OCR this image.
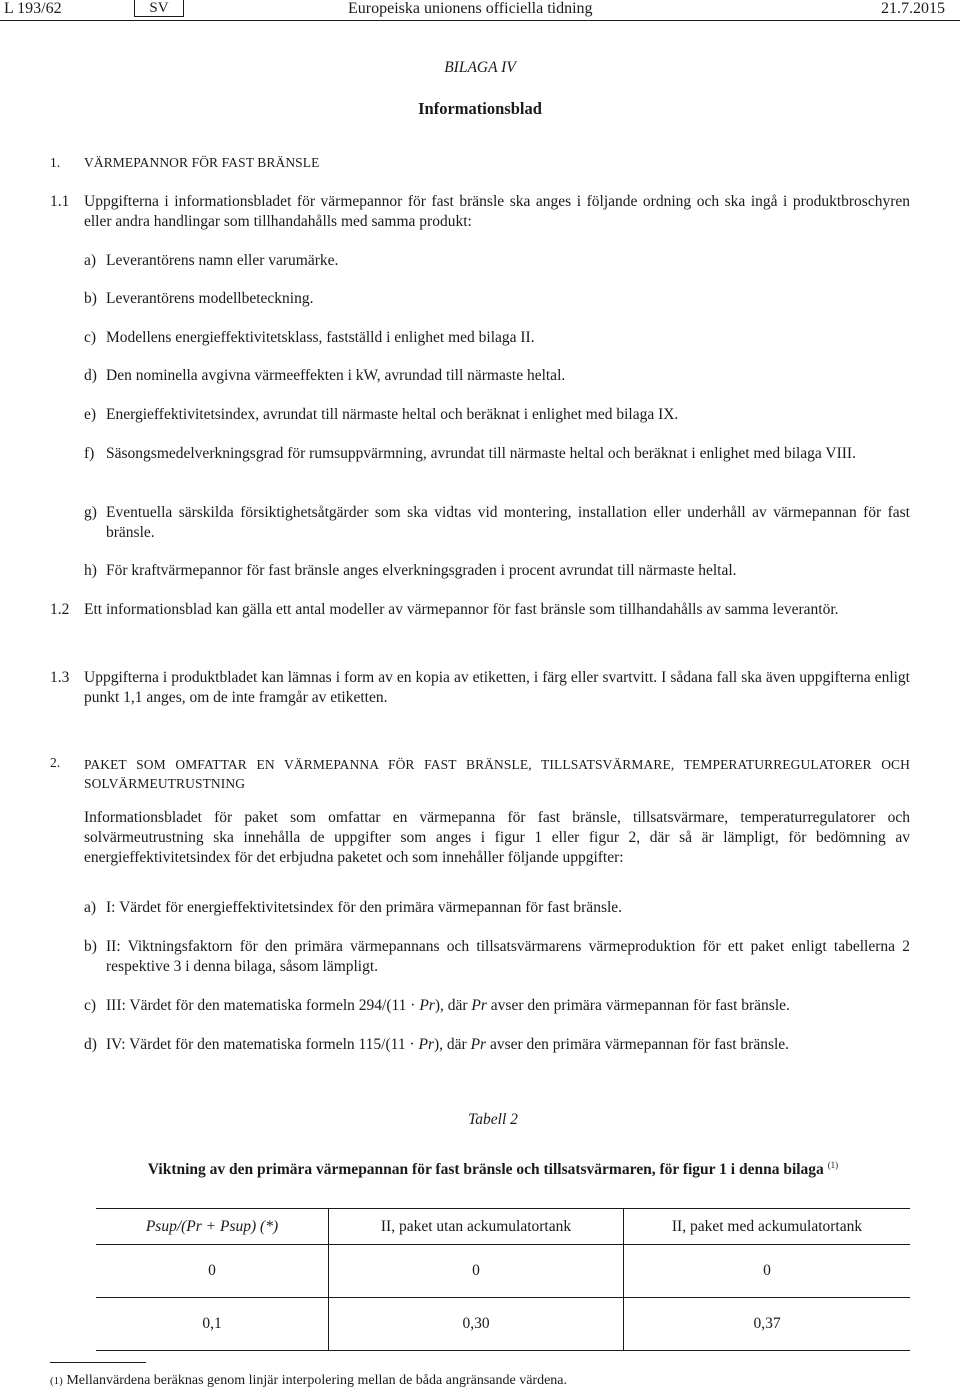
L 193/62	SV	Europeiska unionens officiella tidning	21.7.2015
BILAGA IV
Informationsblad
1. VÄRMEPANNOR FÖR FAST BRÄNSLE
1.1 Uppgifterna i informationsbladet för värmepannor för fast bränsle ska anges i följande ordning och ska ingå i produktbroschyren eller andra handlingar som tillhandahålls med samma produkt:
a) Leverantörens namn eller varumärke.
b) Leverantörens modellbeteckning.
c) Modellens energieffektivitetsklass, fastställd i enlighet med bilaga II.
d) Den nominella avgivna värmeeffekten i kW, avrundad till närmaste heltal.
e) Energieffektivitetsindex, avrundat till närmaste heltal och beräknat i enlighet med bilaga IX.
f) Säsongsmedelverkningsgrad för rumsuppvärmning, avrundat till närmaste heltal och beräknat i enlighet med bilaga VIII.
g) Eventuella särskilda försiktighetsåtgärder som ska vidtas vid montering, installation eller underhåll av värmepannan för fast bränsle.
h) För kraftvärmepannor för fast bränsle anges elverkningsgraden i procent avrundat till närmaste heltal.
1.2 Ett informationsblad kan gälla ett antal modeller av värmepannor för fast bränsle som tillhandahålls av samma leverantör.
1.3 Uppgifterna i produktbladet kan lämnas i form av en kopia av etiketten, i färg eller svartvitt. I sådana fall ska även uppgifterna enligt punkt 1,1 anges, om de inte framgår av etiketten.
2. PAKET SOM OMFATTAR EN VÄRMEPANNA FÖR FAST BRÄNSLE, TILLSATSVÄRMARE, TEMPERATURREGULATORER OCH SOLVÄRMEUTRUSTNING
Informationsbladet för paket som omfattar en värmepanna för fast bränsle, tillsatsvärmare, temperaturregulatorer och solvärmeutrustning ska innehålla de uppgifter som anges i figur 1 eller figur 2, där så är lämpligt, för bedömning av energieffektivitetsindex för det erbjudna paketet och som innehåller följande uppgifter:
a) I: Värdet för energieffektivitetsindex för den primära värmepannan för fast bränsle.
b) II: Viktningsfaktorn för den primära värmepannans och tillsatsvärmarens värmeproduktion för ett paket enligt tabellerna 2 respektive 3 i denna bilaga, såsom lämpligt.
c) III: Värdet för den matematiska formeln 294/(11 · Pr), där Pr avser den primära värmepannan för fast bränsle.
d) IV: Värdet för den matematiska formeln 115/(11 · Pr), där Pr avser den primära värmepannan för fast bränsle.
Tabell 2
Viktning av den primära värmepannan för fast bränsle och tillsatsvärmaren, för figur 1 i denna bilaga $^{(1)}$
Psup/(Pr + Psup) (*)	II, paket utan ackumulatortank	II, paket med ackumulatortank
0	0	0
0,1	0,30	0,37
(1) Mellanvärdena beräknas genom linjär interpolering mellan de båda angränsande värdena.
